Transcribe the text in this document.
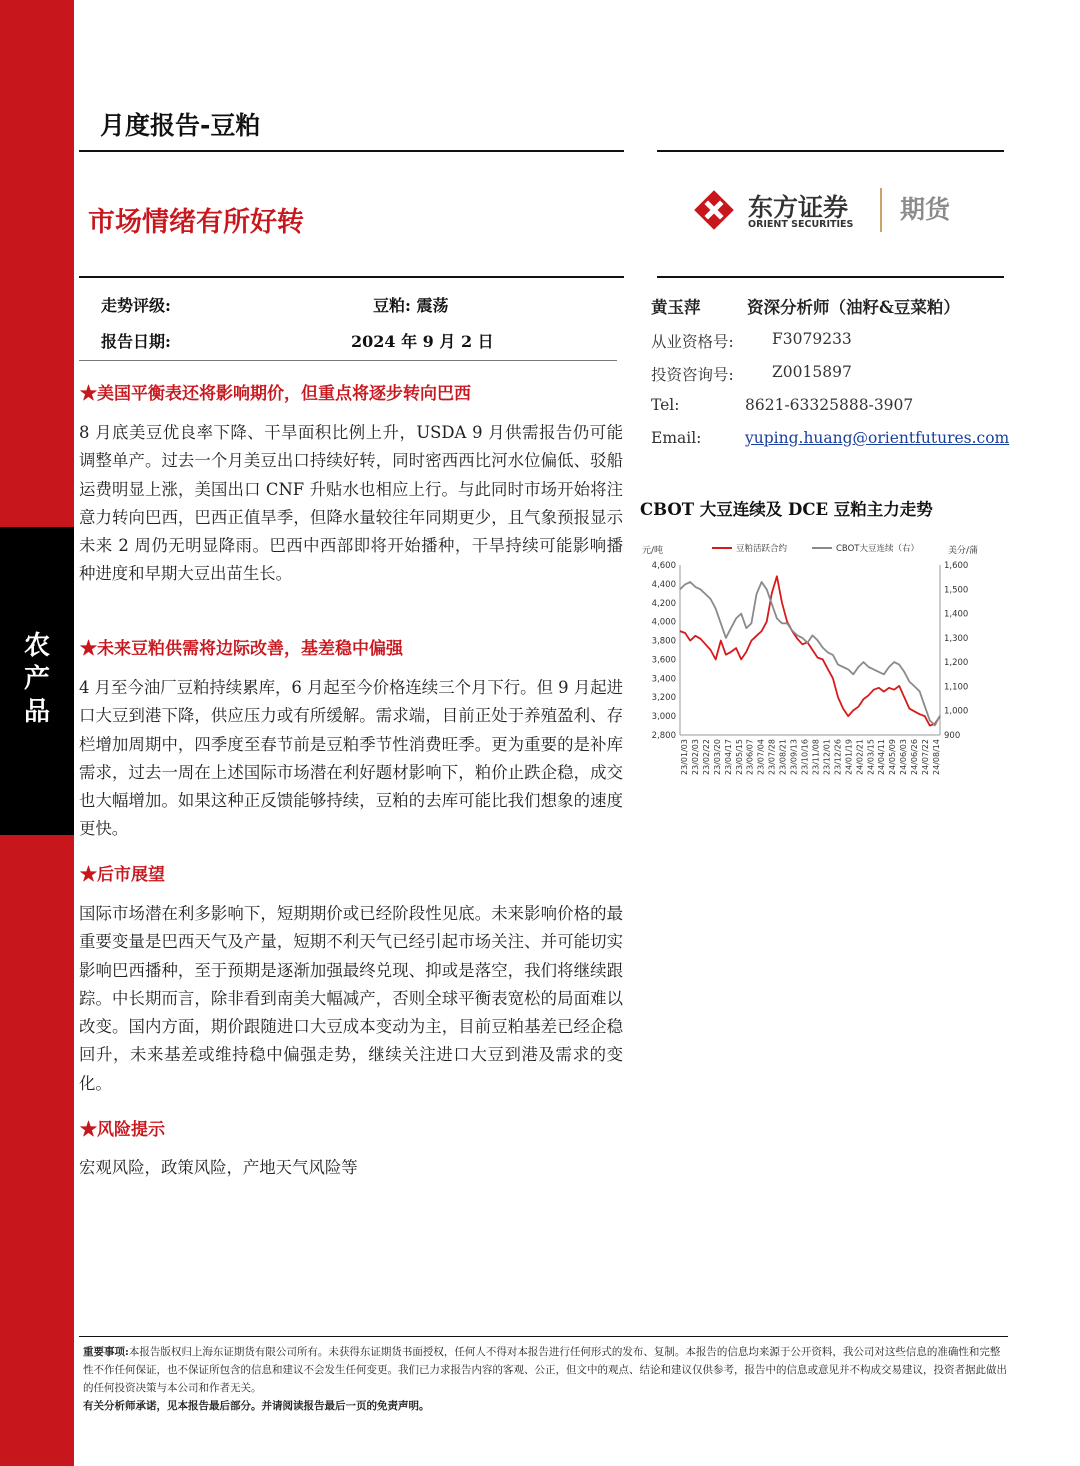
农
产
品
月度报告-豆粕
市场情绪有所好转	东方证券
ORIENT SECURITIES
期货
走势评级:	豆粕: 震荡
报告日期:	2024 年 9 月 2 日
黄玉萍	资深分析师（油籽&豆菜粕）
从业资格号: F3079233
投资咨询号: Z0015897
Tel:	8621-63325888-3907
Email:	yuping.huang@orientfutures.com
★美国平衡表还将影响期价，但重点将逐步转向巴西
8 月底美豆优良率下降、干旱面积比例上升，USDA 9 月供需报告仍可能调整单产。过去一个月美豆出口持续好转，同时密西西比河水位偏低、驳船运费明显上涨，美国出口 CNF 升贴水也相应上行。与此同时市场开始将注意力转向巴西，巴西正值旱季，但降水量较往年同期更少，且气象预报显示未来 2 周仍无明显降雨。巴西中西部即将开始播种，干旱持续可能影响播种进度和早期大豆出苗生长。
★未来豆粕供需将边际改善，基差稳中偏强
4 月至今油厂豆粕持续累库，6 月起至今价格连续三个月下行。但 9 月起进口大豆到港下降，供应压力或有所缓解。需求端，目前正处于养殖盈利、存栏增加周期中，四季度至春节前是豆粕季节性消费旺季。更为重要的是补库需求，过去一周在上述国际市场潜在利好题材影响下，粕价止跌企稳，成交也大幅增加。如果这种正反馈能够持续，豆粕的去库可能比我们想象的速度更快。
★后市展望
国际市场潜在利多影响下，短期期价或已经阶段性见底。未来影响价格的最重要变量是巴西天气及产量，短期不利天气已经引起市场关注、并可能切实影响巴西播种，至于预期是逐渐加强最终兑现、抑或是落空，我们将继续跟踪。中长期而言，除非看到南美大幅减产，否则全球平衡表宽松的局面难以改变。国内方面，期价跟随进口大豆成本变动为主，目前豆粕基差已经企稳回升，未来基差或维持稳中偏强走势，继续关注进口大豆到港及需求的变化。
★风险提示
宏观风险，政策风险，产地天气风险等
CBOT 大豆连续及 DCE 豆粕主力走势
元/吨	美分/蒲
4,600
4,400
4,200
4,000
3,800
3,600
3,400
3,200
3,000
2,800
1,600
1,500
1,400
1,300
1,200
1,100
1,000
900
23/01/03 23/02/03 23/02/22 23/03/20 23/04/17 23/05/15 23/06/07 23/07/04 23/07/28 23/08/21 23/09/13 23/10/16 23/11/08 23/12/01 23/12/26 24/01/19 24/02/21 24/03/15 24/04/11 24/05/09 24/06/03 24/06/26 24/07/22 24/08/14
豆粕活跃合约	CBOT大豆连续（右）
重要事项:本报告版权归上海东证期货有限公司所有。未获得东证期货书面授权，任何人不得对本报告进行任何形式的发布、复制。本报告的信息均来源于公开资料，我公司对这些信息的准确性和完整性不作任何保证，也不保证所包含的信息和建议不会发生任何变更。我们已力求报告内容的客观、公正，但文中的观点、结论和建议仅供参考，报告中的信息或意见并不构成交易建议，投资者据此做出的任何投资决策与本公司和作者无关。
有关分析师承诺，见本报告最后部分。并请阅读报告最后一页的免责声明。
